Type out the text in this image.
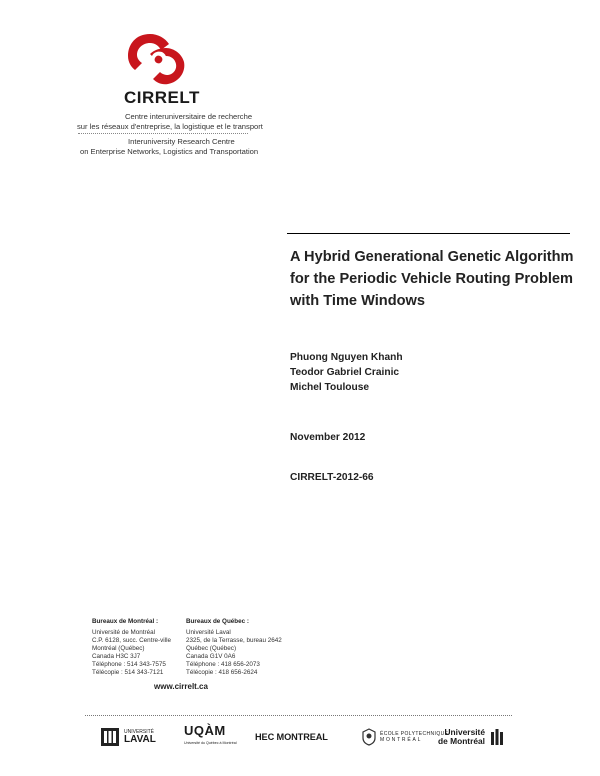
CIRRELT
Centre interuniversitaire de recherche
sur les réseaux d'entreprise, la logistique et le transport
Interuniversity Research Centre
on Enterprise Networks, Logistics and Transportation
A Hybrid Generational Genetic Algorithm for the Periodic Vehicle Routing Problem with Time Windows
Phuong Nguyen Khanh
Teodor Gabriel Crainic
Michel Toulouse
November 2012
CIRRELT-2012-66
Bureaux de Montréal :
Université de Montréal
C.P. 6128, succ. Centre-ville
Montréal (Québec)
Canada H3C 3J7
Téléphone : 514 343-7575
Télécopie : 514 343-7121
Bureaux de Québec :
Université Laval
2325, de la Terrasse, bureau 2642
Québec (Québec)
Canada G1V 0A6
Téléphone : 418 656-2073
Télécopie : 418 656-2624
www.cirrelt.ca
UNIVERSITÉ
LAVAL
UQÀM
Université du Québec à Montréal
HEC MONTREAL	ÉCOLE POLYTECHNIQUE
MONTRÉAL
Université
de Montréal
